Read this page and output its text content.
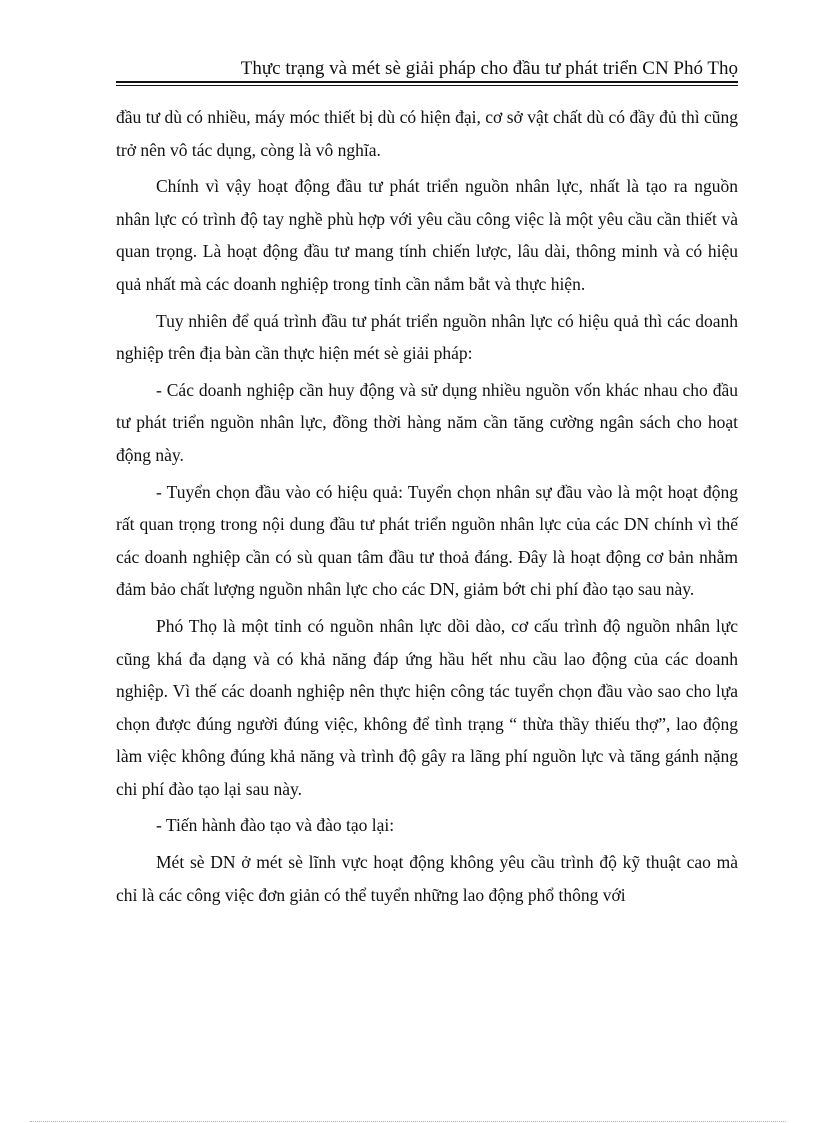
Thực trạng và mét sè giải pháp cho đầu tư phát triển CN Phó Thọ

đầu tư dù có nhiều, máy móc thiết bị dù có hiện đại, cơ sở vật chất dù có đầy đủ thì cũng trở nên vô tác dụng, còng là vô nghĩa.

Chính vì vậy hoạt động đầu tư phát triển nguồn nhân lực, nhất là tạo ra nguồn nhân lực có trình độ tay nghề phù hợp với yêu cầu công việc là một yêu cầu cần thiết và quan trọng. Là hoạt động đầu tư mang tính chiến lược, lâu dài, thông minh và có hiệu quả nhất mà các doanh nghiệp trong tỉnh cần nắm bắt và thực hiện.

Tuy nhiên để quá trình đầu tư phát triển nguồn nhân lực có hiệu quả thì các doanh nghiệp trên địa bàn cần thực hiện mét sè giải pháp:

- Các doanh nghiệp cần huy động và sử dụng nhiều nguồn vốn khác nhau cho đầu tư phát triển nguồn nhân lực, đồng thời hàng năm cần tăng cường ngân sách cho hoạt động này.

- Tuyển chọn đầu vào có hiệu quả: Tuyển chọn nhân sự đầu vào là một hoạt động rất quan trọng trong nội dung đầu tư phát triển nguồn nhân lực của các DN chính vì thế các doanh nghiệp cần có sù quan tâm đầu tư thoả đáng. Đây là hoạt động cơ bản nhằm đảm bảo chất lượng nguồn nhân lực cho các DN, giảm bớt chi phí đào tạo sau này.

Phó Thọ là một tỉnh có nguồn nhân lực dồi dào, cơ cấu trình độ nguồn nhân lực cũng khá đa dạng và có khả năng đáp ứng hầu hết nhu cầu lao động của các doanh nghiệp. Vì thế các doanh nghiệp nên thực hiện công tác tuyển chọn đầu vào sao cho lựa chọn được đúng người đúng việc, không để tình trạng “ thừa thầy thiếu thợ”, lao động làm việc không đúng khả năng và trình độ gây ra lãng phí nguồn lực và tăng gánh nặng chi phí đào tạo lại sau này.

- Tiến hành đào tạo và đào tạo lại:

Mét sè DN ở mét sè lĩnh vực hoạt động không yêu cầu trình độ kỹ thuật cao mà chỉ là các công việc đơn giản có thể tuyển những lao động phổ thông với
